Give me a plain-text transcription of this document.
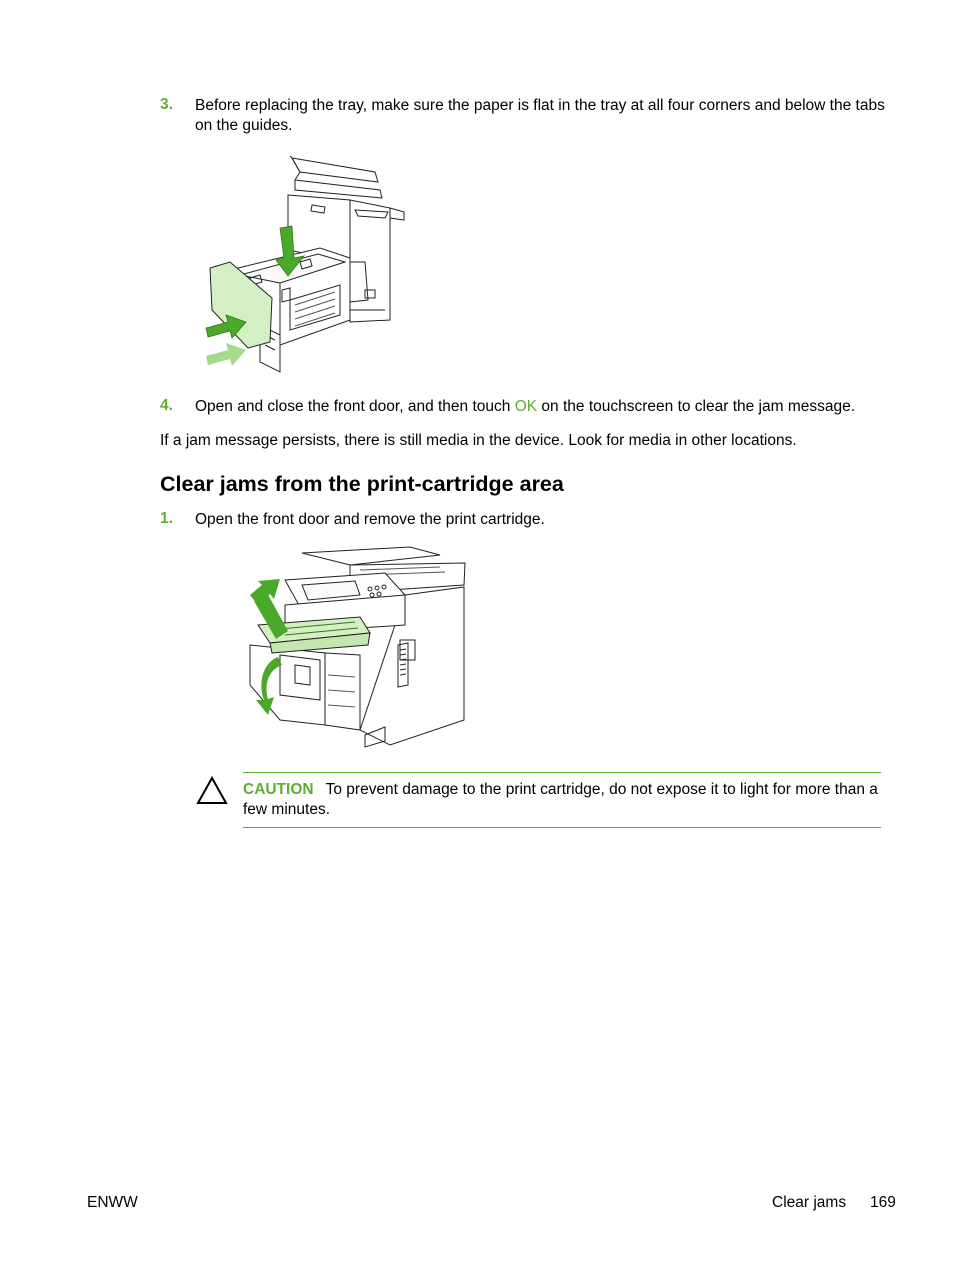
3. Before replacing the tray, make sure the paper is flat in the tray at all four corners and below the tabs on the guides.
4. Open and close the front door, and then touch OK on the touchscreen to clear the jam message.
If a jam message persists, there is still media in the device. Look for media in other locations.
Clear jams from the print-cartridge area
1. Open the front door and remove the print cartridge.
CAUTION To prevent damage to the print cartridge, do not expose it to light for more than a few minutes.
ENWW	Clear jams 169
